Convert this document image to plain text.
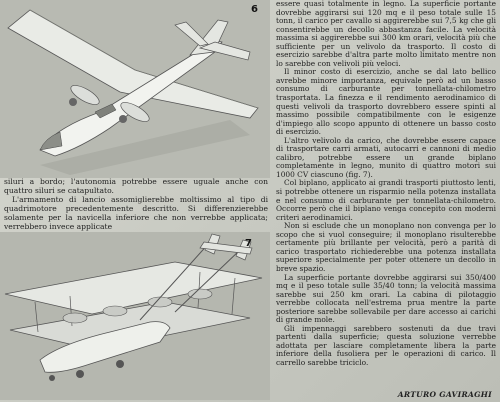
6

siluri a bordo; l'autonomia potrebbe essere uguale anche con quattro siluri se catapultato.

L'armamento di lancio assomiglierebbe moltissimo al tipo di quadrimotore precedentemente descritto. Si differenzierebbe solamente per la navicella inferiore che non verrebbe applicata; verrebbero invece applicate

7

essere quasi totalmente in legno. La superficie portante dovrebbe aggirarsi sui 120 mq e il peso totale sulle 15 tonn, il carico per cavallo si aggirerebbe sui 7,5 kg che gli consentirebbe un decollo abbastanza facile. La velocità massima si aggirerebbe sui 300 km orari, velocità più che sufficiente per un velivolo da trasporto. Il costo di esercizio sarebbe d'altra parte molto limitato mentre non lo sarebbe con velivoli più veloci.

Il minor costo di esercizio, anche se dal lato bellico avrebbe minore importanza, equivale però ad un basso consumo di carburante per tonnellata-chilometro trasportata. La finezza e il rendimento aerodinamico di questi velivoli da trasporto dovrebbero essere spinti al massimo possibile compatibilmente con le esigenze d'impiego allo scopo appunto di ottenere un basso costo di esercizio.

L'altro velivolo da carico, che dovrebbe essere capace di trasportare carri armati, autocarri e cannoni di medio calibro, potrebbe essere un grande biplano completamente in legno, munito di quattro motori sui 1000 CV ciascuno (fig. 7).

Col biplano, applicato ai grandi trasporti piuttosto lenti, si potrebbe ottenere un risparmio nella potenza installata e nel consumo di carburante per tonnellata-chilometro. Occorre però che il biplano venga concepito con moderni criteri aerodinamici.

Non si esclude che un monoplano non convenga per lo scopo che si vuol conseguire; il monoplano risulterebbe certamente più brillante per velocità, però a parità di carico trasportato richiederebbe una potenza installata superiore specialmente per poter ottenere un decollo in breve spazio.

La superficie portante dovrebbe aggirarsi sui 350/400 mq e il peso totale sulle 35/40 tonn; la velocità massima sarebbe sui 250 km orari. La cabina di pilotaggio verrebbe collocata nell'estrema prua mentre la parte posteriore sarebbe sollevabile per dare accesso ai carichi di grande mole.

Gli impennaggi sarebbero sostenuti da due travi partenti dalla superficie; questa soluzione verrebbe adottata per lasciare completamente libera la parte inferiore della fusoliera per le operazioni di carico. Il carrello sarebbe triciclo.

ARTURO GAVIRAGHI
